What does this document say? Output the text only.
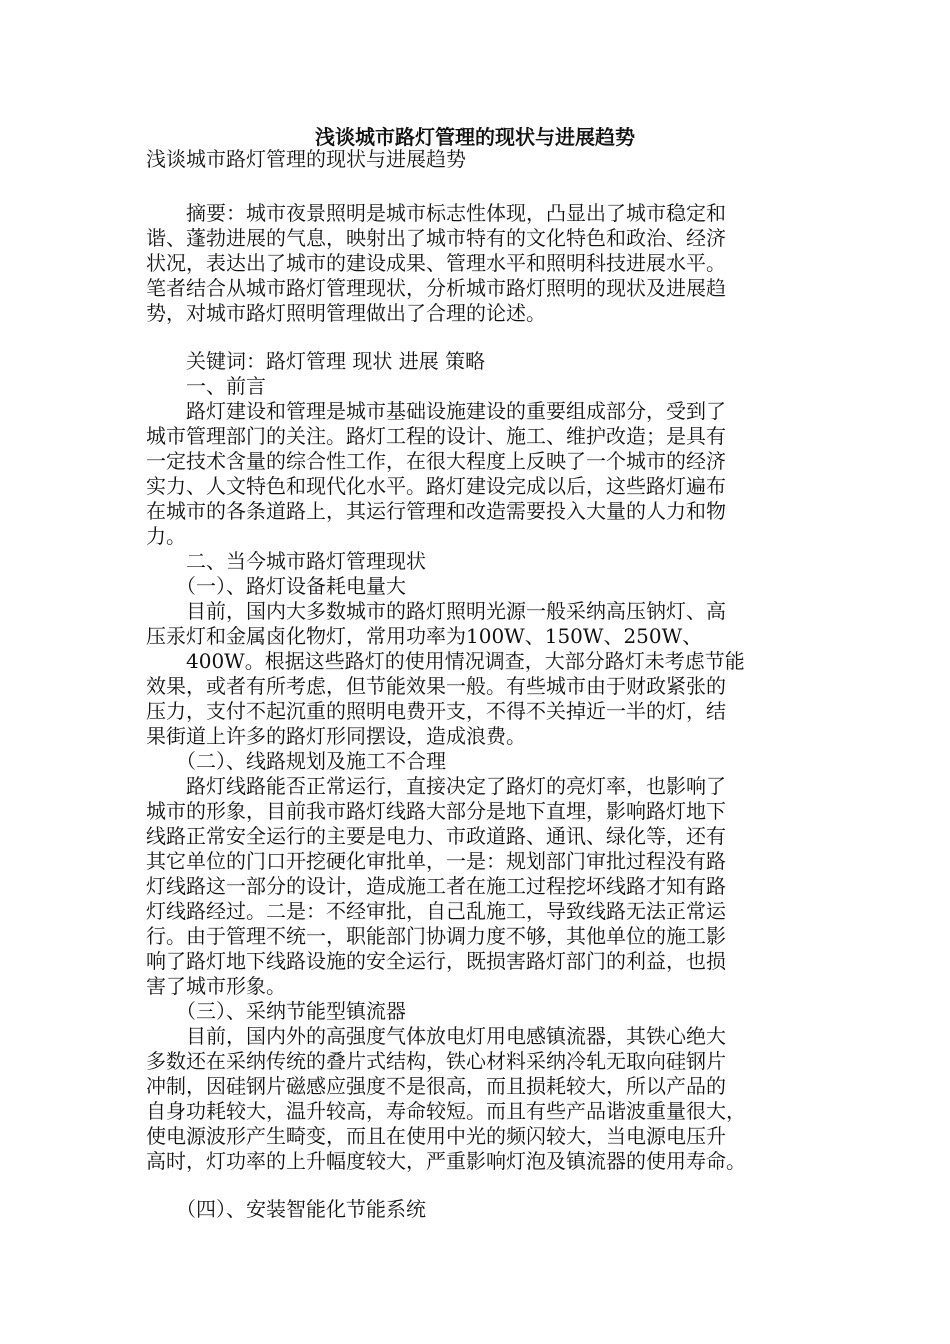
浅谈城市路灯管理的现状与进展趋势
浅谈城市路灯管理的现状与进展趋势
　　摘要：城市夜景照明是城市标志性体现，凸显出了城市稳定和
谐、蓬勃进展的气息，映射出了城市特有的文化特色和政治、经济
状况，表达出了城市的建设成果、管理水平和照明科技进展水平。
笔者结合从城市路灯管理现状，分析城市路灯照明的现状及进展趋
势，对城市路灯照明管理做出了合理的论述。
　　关键词：路灯管理 现状 进展 策略
　　一、前言
　　路灯建设和管理是城市基础设施建设的重要组成部分，受到了
城市管理部门的关注。路灯工程的设计、施工、维护改造；是具有
一定技术含量的综合性工作，在很大程度上反映了一个城市的经济
实力、人文特色和现代化水平。路灯建设完成以后，这些路灯遍布
在城市的各条道路上，其运行管理和改造需要投入大量的人力和物
力。
　　二、当今城市路灯管理现状
　　（一）、路灯设备耗电量大
　　目前，国内大多数城市的路灯照明光源一般采纳高压钠灯、高
压汞灯和金属卤化物灯，常用功率为100W、150W、250W、
　　400W。根据这些路灯的使用情况调查，大部分路灯未考虑节能
效果，或者有所考虑，但节能效果一般。有些城市由于财政紧张的
压力，支付不起沉重的照明电费开支，不得不关掉近一半的灯，结
果街道上许多的路灯形同摆设，造成浪费。
　　（二）、线路规划及施工不合理
　　路灯线路能否正常运行，直接决定了路灯的亮灯率，也影响了
城市的形象，目前我市路灯线路大部分是地下直埋，影响路灯地下
线路正常安全运行的主要是电力、市政道路、通讯、绿化等，还有
其它单位的门口开挖硬化审批单，一是：规划部门审批过程没有路
灯线路这一部分的设计，造成施工者在施工过程挖坏线路才知有路
灯线路经过。二是：不经审批，自己乱施工，导致线路无法正常运
行。由于管理不统一，职能部门协调力度不够，其他单位的施工影
响了路灯地下线路设施的安全运行，既损害路灯部门的利益，也损
害了城市形象。
　　（三）、采纳节能型镇流器
　　目前，国内外的高强度气体放电灯用电感镇流器，其铁心绝大
多数还在采纳传统的叠片式结构，铁心材料采纳冷轧无取向硅钢片
冲制，因硅钢片磁感应强度不是很高，而且损耗较大，所以产品的
自身功耗较大，温升较高，寿命较短。而且有些产品谐波重量很大，
使电源波形产生畸变，而且在使用中光的频闪较大，当电源电压升
高时，灯功率的上升幅度较大，严重影响灯泡及镇流器的使用寿命。
　　（四）、安装智能化节能系统
